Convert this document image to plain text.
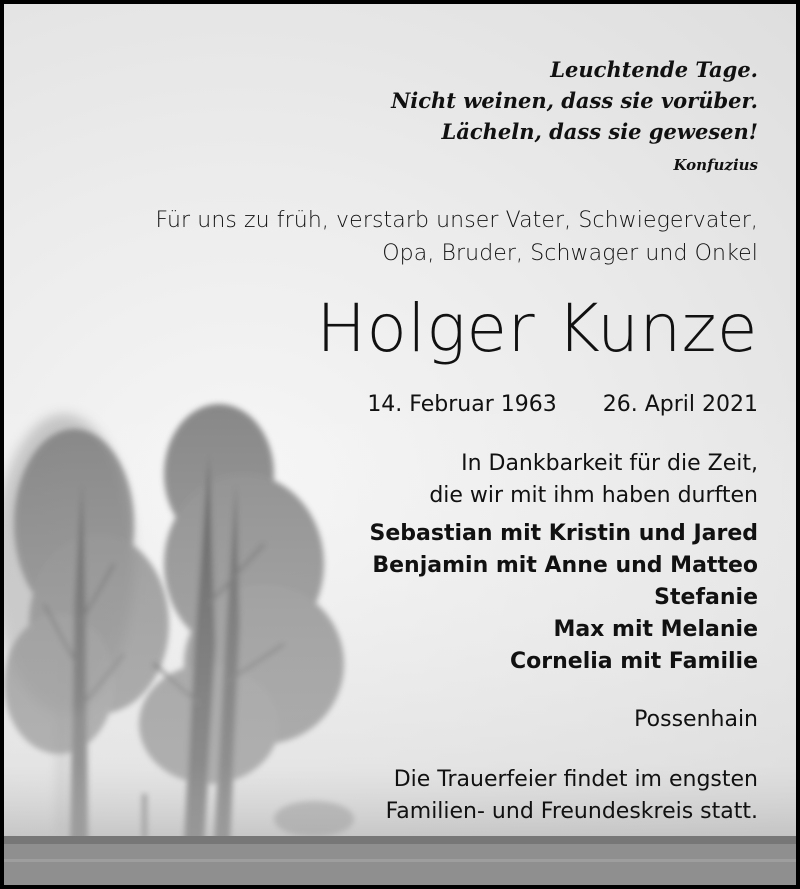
Leuchtende Tage.
Nicht weinen, dass sie vorüber.
Lächeln, dass sie gewesen!
Konfuzius
Für uns zu früh, verstarb unser Vater, Schwiegervater,
Opa, Bruder, Schwager und Onkel
Holger Kunze
14. Februar 1963 26. April 2021
In Dankbarkeit für die Zeit,
die wir mit ihm haben durften
Sebastian mit Kristin und Jared
Benjamin mit Anne und Matteo
Stefanie
Max mit Melanie
Cornelia mit Familie
Possenhain
Die Trauerfeier findet im engsten
Familien- und Freundeskreis statt.
